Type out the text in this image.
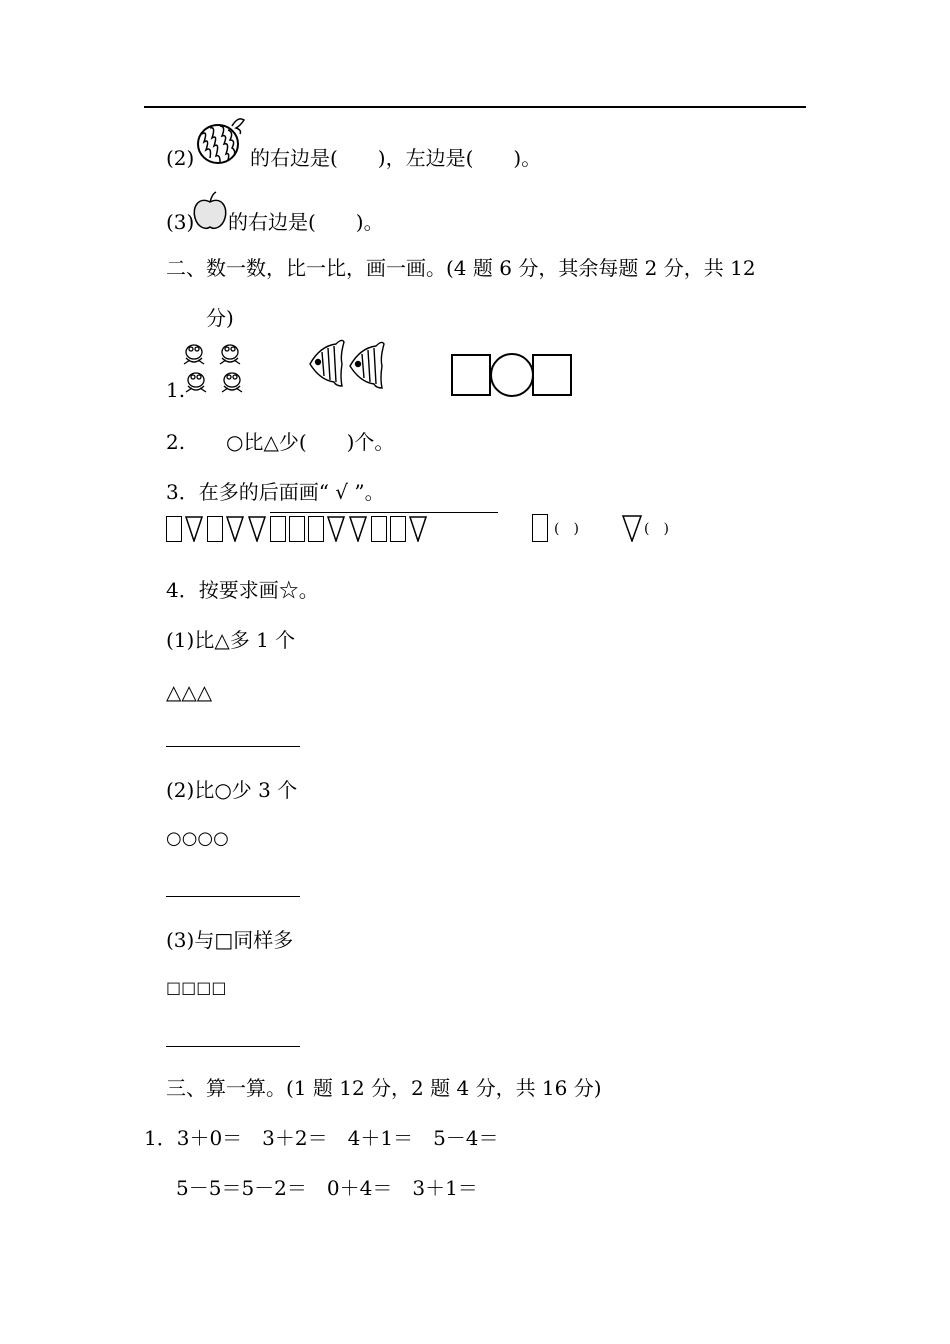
(2)	的右边是(　　)，左边是(　　)。
(3) 的右边是(　　)。
二、数一数，比一比，画一画。(4 题 6 分，其余每题 2 分，共 12
分)
1.
2. ○比△少(　　)个。
3．在多的后面画“ √ ”。
(　)	(　)
4．按要求画☆。
(1)比△多 1 个
△△△
(2)比○少 3 个
○○○○
(3)与□同样多
□□□□
三、算一算。(1 题 12 分，2 题 4 分，共 16 分)
1．3＋0＝　3＋2＝　4＋1＝　5－4＝
5－5＝5－2＝　0＋4＝　3＋1＝
